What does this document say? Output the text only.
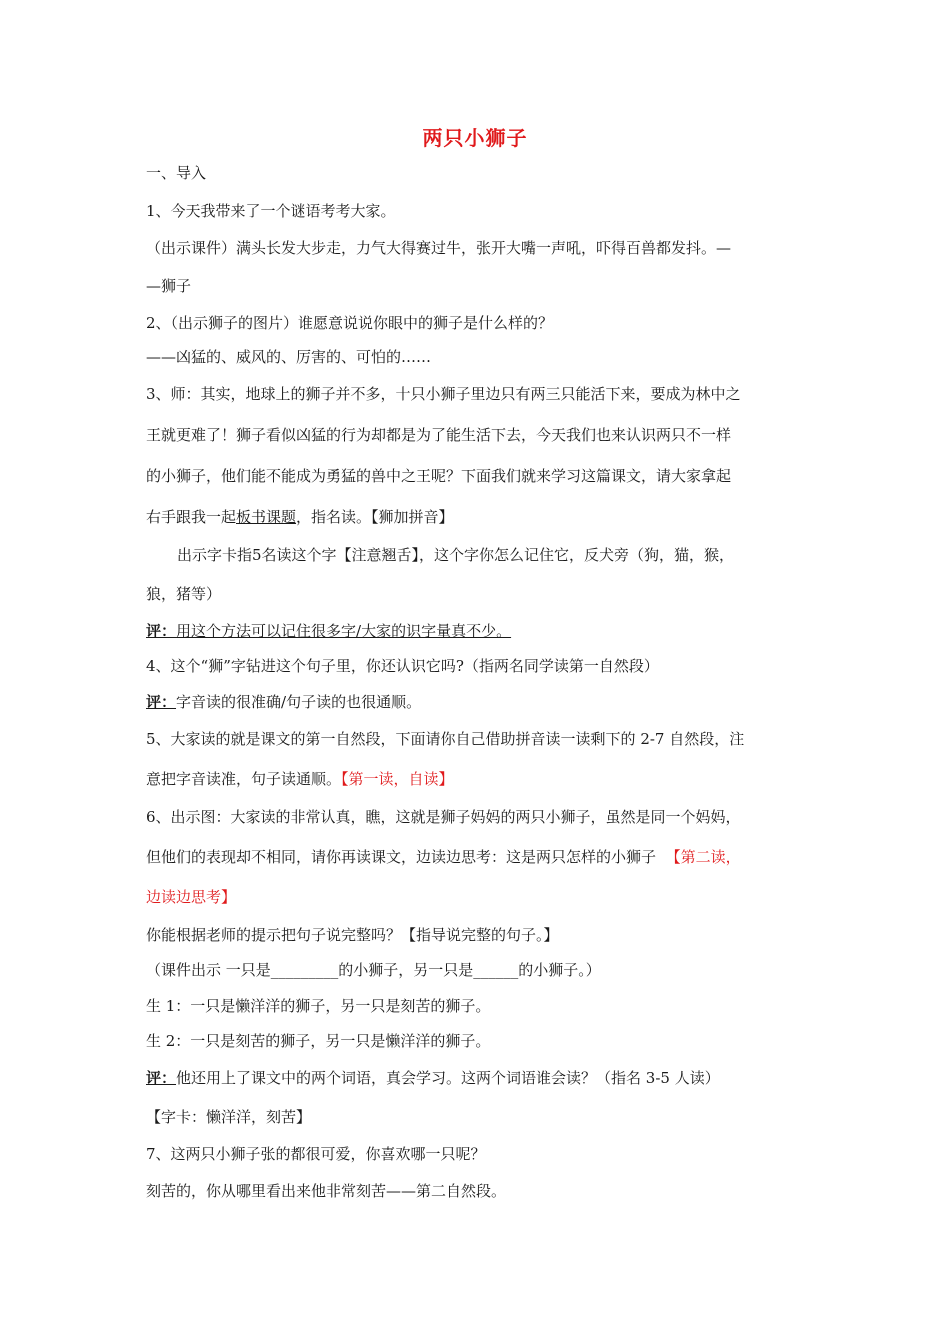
两只小狮子
一、导入
1、今天我带来了一个谜语考考大家。
（出示课件）满头长发大步走，力气大得赛过牛，张开大嘴一声吼，吓得百兽都发抖。—
—狮子
2、（出示狮子的图片）谁愿意说说你眼中的狮子是什么样的？
——凶猛的、威风的、厉害的、可怕的……
3、师：其实，地球上的狮子并不多，十只小狮子里边只有两三只能活下来，要成为林中之
王就更难了！狮子看似凶猛的行为却都是为了能生活下去，今天我们也来认识两只不一样
的小狮子，他们能不能成为勇猛的兽中之王呢？下面我们就来学习这篇课文，请大家拿起
右手跟我一起板书课题，指名读。【狮加拼音】
出示字卡指5名读这个字【注意翘舌】，这个字你怎么记住它，反犬旁（狗，猫，猴，
狼，猪等）
评：用这个方法可以记住很多字/大家的识字量真不少。
4、这个“狮”字钻进这个句子里，你还认识它吗?（指两名同学读第一自然段）
评：字音读的很准确/句子读的也很通顺。
5、大家读的就是课文的第一自然段，下面请你自己借助拼音读一读剩下的 2-7 自然段，注
意把字音读准，句子读通顺。【第一读，自读】
6、出示图：大家读的非常认真，瞧，这就是狮子妈妈的两只小狮子，虽然是同一个妈妈，
但他们的表现却不相同，请你再读课文，边读边思考：这是两只怎样的小狮子 【第二读，
边读边思考】
你能根据老师的提示把句子说完整吗？【指导说完整的句子。】
（课件出示 一只是_________的小狮子，另一只是______的小狮子。）
生 1：一只是懒洋洋的狮子，另一只是刻苦的狮子。
生 2：一只是刻苦的狮子，另一只是懒洋洋的狮子。
评：他还用上了课文中的两个词语，真会学习。这两个词语谁会读？（指名 3-5 人读）
【字卡：懒洋洋，刻苦】
7、这两只小狮子张的都很可爱，你喜欢哪一只呢？
刻苦的，你从哪里看出来他非常刻苦——第二自然段。
